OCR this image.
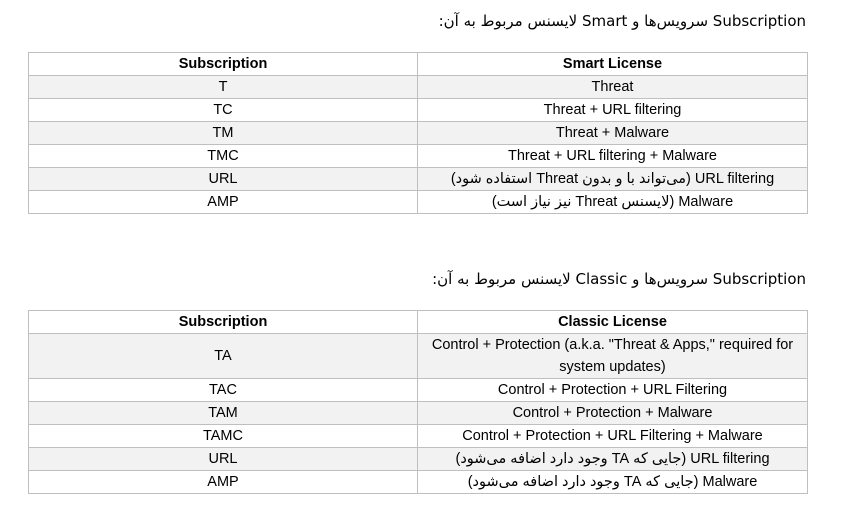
Subscription سرویس‌ها و Smart لایسنس مربوط به آن:
Subscription	Smart License
T	Threat
TC	Threat + URL filtering
TM	Threat + Malware
TMC	Threat + URL filtering + Malware
URL	URL filtering (می‌تواند با و بدون Threat استفاده شود)
AMP	Malware (لایسنس Threat نیز نیاز است)
Subscription سرویس‌ها و Classic لایسنس مربوط به آن:
Subscription	Classic License
TA	Control + Protection (a.k.a. "Threat & Apps," required for system updates)
TAC	Control + Protection + URL Filtering
TAM	Control + Protection + Malware
TAMC	Control + Protection + URL Filtering + Malware
URL	URL filtering (جایی که TA وجود دارد اضافه می‌شود)
AMP	Malware (جایی که TA وجود دارد اضافه می‌شود)
